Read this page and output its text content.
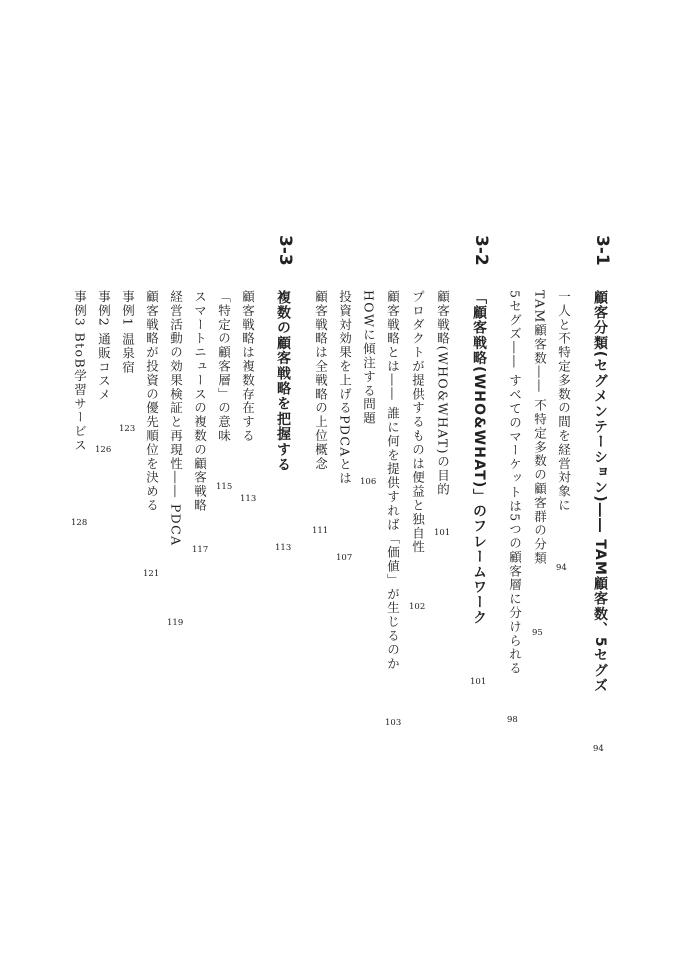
3-1
顧客分類(セグメンテーション)―― TAM顧客数、5セグズ
94
一人と不特定多数の間を経営対象に
94
TAM顧客数―― 不特定多数の顧客群の分類
95
5セグズ―― すべてのマーケットは5つの顧客層に分けられる
98
3-2
「顧客戦略(WHO&WHAT)」のフレームワーク
101
顧客戦略(WHO&WHAT)の目的
101
プロダクトが提供するものは便益と独自性
102
顧客戦略とは―― 誰に何を提供すれば「価値」が生じるのか
103
HOWに傾注する問題
106
投資対効果を上げるPDCAとは
107
顧客戦略は全戦略の上位概念
111
3-3
複数の顧客戦略を把握する
113
顧客戦略は複数存在する
113
「特定の顧客層」の意味
115
スマートニュースの複数の顧客戦略
117
経営活動の効果検証と再現性―― PDCA
119
顧客戦略が投資の優先順位を決める
121
事例1 温泉宿
123
事例2 通販コスメ
126
事例3 BtoB学習サービス
128
